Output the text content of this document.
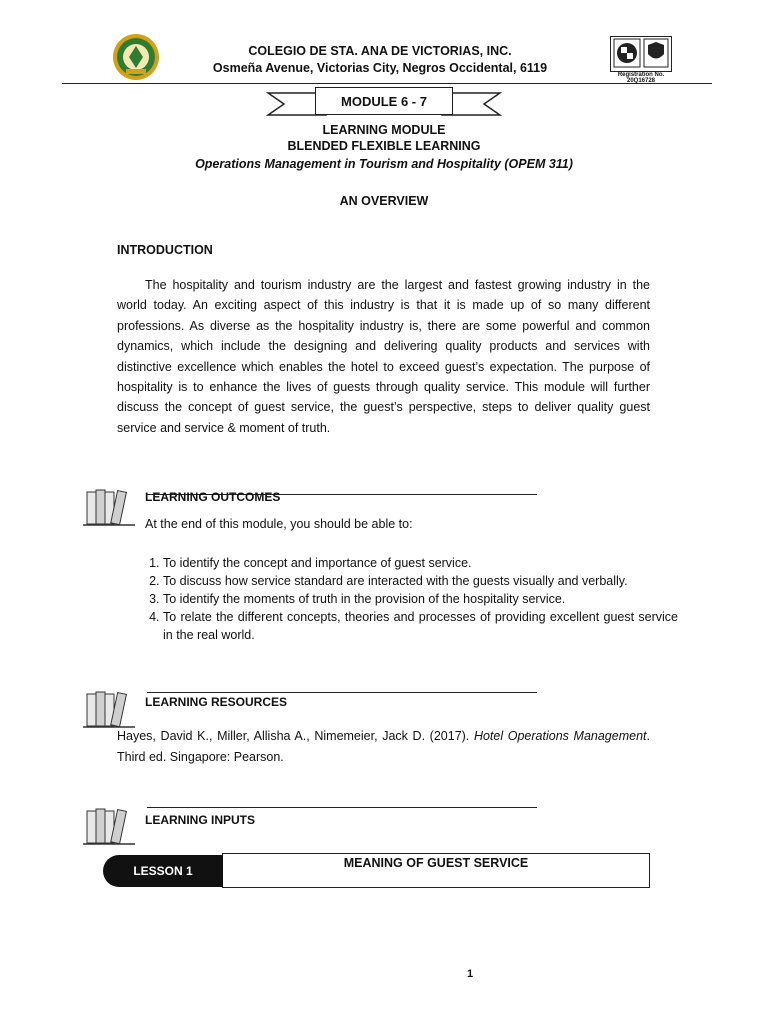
COLEGIO DE STA. ANA DE VICTORIAS, INC.
Osmeña Avenue, Victorias City, Negros Occidental, 6119	Registration No. 20Q16728
MODULE 6 - 7
LEARNING MODULE
BLENDED FLEXIBLE LEARNING
Operations Management in Tourism and Hospitality (OPEM 311)
AN OVERVIEW
INTRODUCTION

The hospitality and tourism industry are the largest and fastest growing industry in the world today. An exciting aspect of this industry is that it is made up of so many different professions. As diverse as the hospitality industry is, there are some powerful and common dynamics, which include the designing and delivering quality products and services with distinctive excellence which enables the hotel to exceed guest’s expectation. The purpose of hospitality is to enhance the lives of guests through quality service. This module will further discuss the concept of guest service, the guest’s perspective, steps to deliver quality guest service and service & moment of truth.

LEARNING OUTCOMES
At the end of this module, you should be able to:
1. To identify the concept and importance of guest service.
2. To discuss how service standard are interacted with the guests visually and verbally.
3. To identify the moments of truth in the provision of the hospitality service.
4. To relate the different concepts, theories and processes of providing excellent guest service in the real world.
LEARNING RESOURCES
Hayes, David K., Miller, Allisha A., Nimemeier, Jack D. (2017). Hotel Operations Management. Third ed. Singapore: Pearson.
LEARNING INPUTS
MEANING OF GUEST SERVICE
LESSON 1
1
